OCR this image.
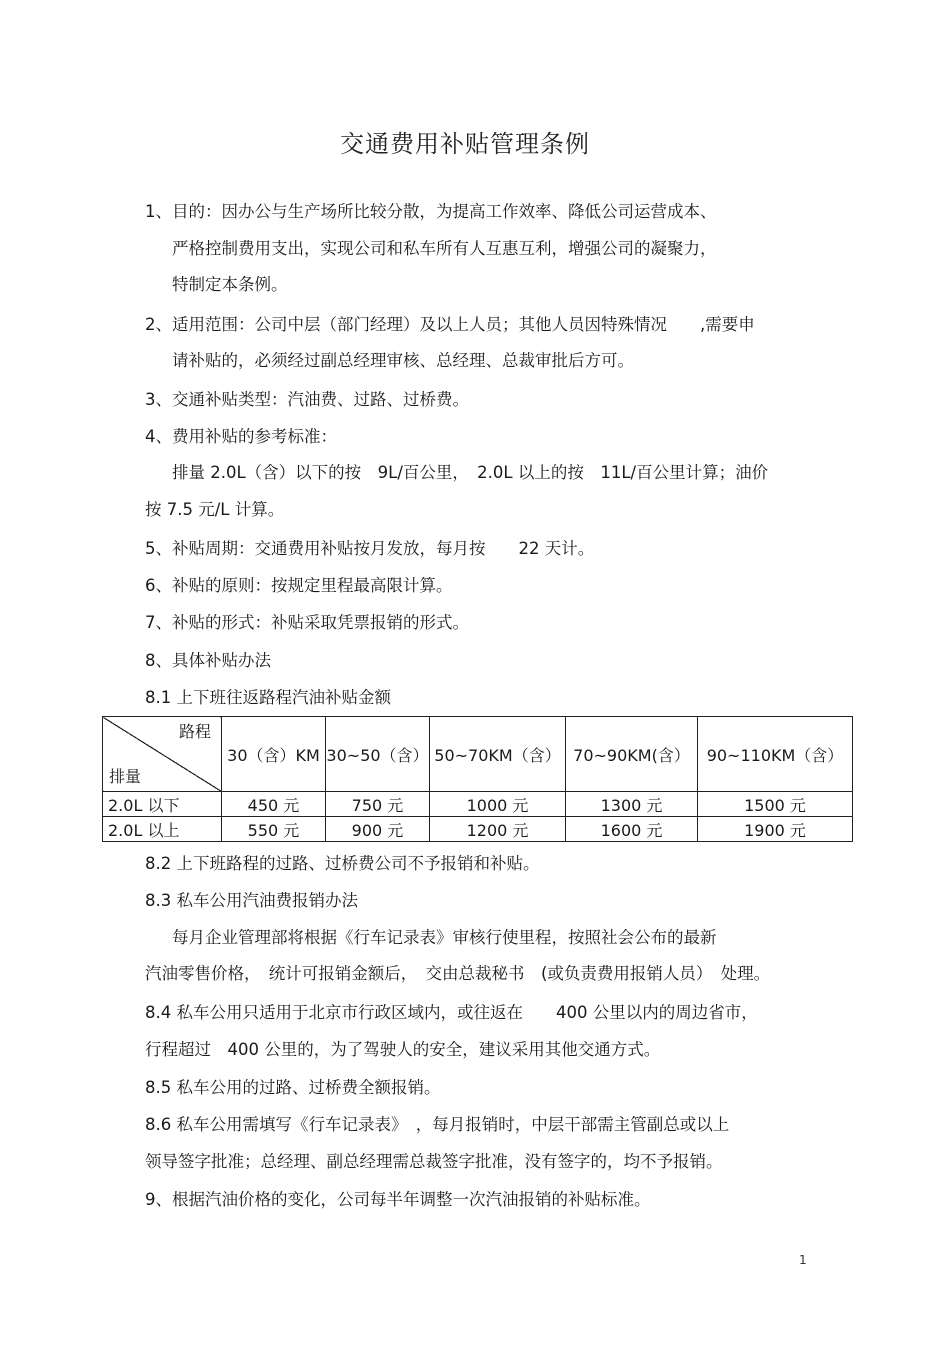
交通费用补贴管理条例
1、目的：因办公与生产场所比较分散，为提高工作效率、降低公司运营成本、
严格控制费用支出，实现公司和私车所有人互惠互利，增强公司的凝聚力，
特制定本条例。
2、适用范围：公司中层（部门经理）及以上人员；其他人员因特殊情况　　,需要申
请补贴的，必须经过副总经理审核、总经理、总裁审批后方可。
3、交通补贴类型：汽油费、过路、过桥费。
4、费用补贴的参考标准：
排量 2.0L（含）以下的按　9L/百公里，　2.0L 以上的按　11L/百公里计算；油价
按 7.5 元/L 计算。
5、补贴周期：交通费用补贴按月发放，每月按　　22 天计。
6、补贴的原则：按规定里程最高限计算。
7、补贴的形式：补贴采取凭票报销的形式。
8、具体补贴办法
8.1 上下班往返路程汽油补贴金额
路程
排量	30（含）KM	30~50（含）	50~70KM（含）	70~90KM(含）	90~110KM（含）
2.0L 以下	450 元	750 元	1000 元	1300 元	1500 元
2.0L 以上	550 元	900 元	1200 元	1600 元	1900 元
8.2 上下班路程的过路、过桥费公司不予报销和补贴。
8.3 私车公用汽油费报销办法
每月企业管理部将根据《行车记录表》审核行使里程，按照社会公布的最新
汽油零售价格，　统计可报销金额后，　交由总裁秘书　(或负责费用报销人员）　处理。
8.4 私车公用只适用于北京市行政区域内，或往返在　　400 公里以内的周边省市，
行程超过　400 公里的，为了驾驶人的安全，建议采用其他交通方式。
8.5 私车公用的过路、过桥费全额报销。
8.6 私车公用需填写《行车记录表》　，每月报销时，中层干部需主管副总或以上
领导签字批准；总经理、副总经理需总裁签字批准，没有签字的，均不予报销。
9、根据汽油价格的变化，公司每半年调整一次汽油报销的补贴标准。
1
